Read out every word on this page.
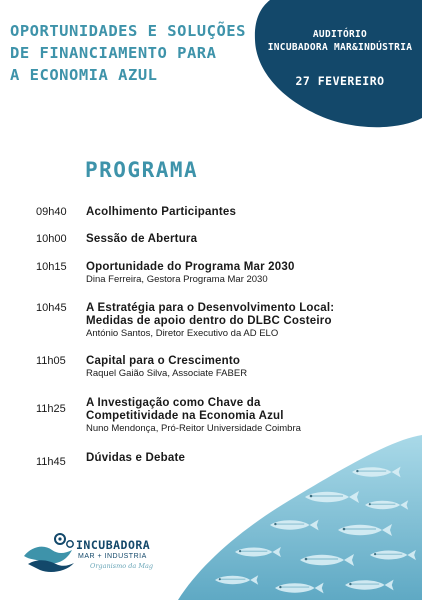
OPORTUNIDADES E SOLUÇÕES
DE FINANCIAMENTO PARA
A ECONOMIA AZUL
AUDITÓRIO
INCUBADORA MAR&INDÚSTRIA
27 FEVEREIRO
PROGRAMA
09h40	Acolhimento Participantes
10h00	Sessão de Abertura
10h15	Oportunidade do Programa Mar 2030
Dina Ferreira, Gestora Programa Mar 2030
10h45	A Estratégia para o Desenvolvimento Local:
Medidas de apoio dentro do DLBC Costeiro
António Santos, Diretor Executivo da AD ELO
11h05	Capital para o Crescimento
Raquel Gaião Silva, Associate FABER
11h25	A Investigação como Chave da
Competitividade na Economia Azul
Nuno Mendonça, Pró-Reitor Universidade Coimbra
11h45	Dúvidas e Debate
INCUBADORA
MAR + INDUSTRIA
Organismo da Mag
